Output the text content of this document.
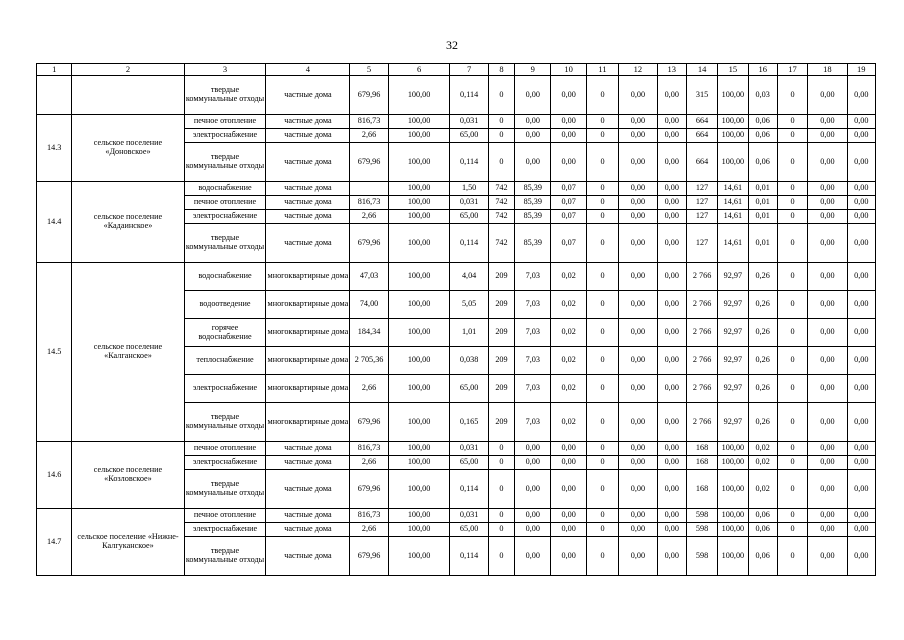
32
1	2	3	4	5	6	7	8	9	10	11	12	13	14	15	16	17	18	19
		твердые коммунальные отходы	частные дома	679,96	100,00	0,114	0	0,00	0,00	0	0,00	0,00	315	100,00	0,03	0	0,00	0,00
14.3	сельское поселение «Доновское»	печное отопление	частные дома	816,73	100,00	0,031	0	0,00	0,00	0	0,00	0,00	664	100,00	0,06	0	0,00	0,00
		электроснабжение	частные дома	2,66	100,00	65,00	0	0,00	0,00	0	0,00	0,00	664	100,00	0,06	0	0,00	0,00
		твердые коммунальные отходы	частные дома	679,96	100,00	0,114	0	0,00	0,00	0	0,00	0,00	664	100,00	0,06	0	0,00	0,00
14.4	сельское поселение «Кадаинское»	водоснабжение	частные дома		100,00	1,50	742	85,39	0,07	0	0,00	0,00	127	14,61	0,01	0	0,00	0,00
		печное отопление	частные дома	816,73	100,00	0,031	742	85,39	0,07	0	0,00	0,00	127	14,61	0,01	0	0,00	0,00
		электроснабжение	частные дома	2,66	100,00	65,00	742	85,39	0,07	0	0,00	0,00	127	14,61	0,01	0	0,00	0,00
		твердые коммунальные отходы	частные дома	679,96	100,00	0,114	742	85,39	0,07	0	0,00	0,00	127	14,61	0,01	0	0,00	0,00
14.5	сельское поселение «Калганское»	водоснабжение	многоквартирные дома	47,03	100,00	4,04	209	7,03	0,02	0	0,00	0,00	2 766	92,97	0,26	0	0,00	0,00
		водоотведение	многоквартирные дома	74,00	100,00	5,05	209	7,03	0,02	0	0,00	0,00	2 766	92,97	0,26	0	0,00	0,00
		горячее водоснабжение	многоквартирные дома	184,34	100,00	1,01	209	7,03	0,02	0	0,00	0,00	2 766	92,97	0,26	0	0,00	0,00
		теплоснабжение	многоквартирные дома	2 705,36	100,00	0,038	209	7,03	0,02	0	0,00	0,00	2 766	92,97	0,26	0	0,00	0,00
		электроснабжение	многоквартирные дома	2,66	100,00	65,00	209	7,03	0,02	0	0,00	0,00	2 766	92,97	0,26	0	0,00	0,00
		твердые коммунальные отходы	многоквартирные дома	679,96	100,00	0,165	209	7,03	0,02	0	0,00	0,00	2 766	92,97	0,26	0	0,00	0,00
14.6	сельское поселение «Козловское»	печное отопление	частные дома	816,73	100,00	0,031	0	0,00	0,00	0	0,00	0,00	168	100,00	0,02	0	0,00	0,00
		электроснабжение	частные дома	2,66	100,00	65,00	0	0,00	0,00	0	0,00	0,00	168	100,00	0,02	0	0,00	0,00
		твердые коммунальные отходы	частные дома	679,96	100,00	0,114	0	0,00	0,00	0	0,00	0,00	168	100,00	0,02	0	0,00	0,00
14.7	сельское поселение «Нижне-Калгуканское»	печное отопление	частные дома	816,73	100,00	0,031	0	0,00	0,00	0	0,00	0,00	598	100,00	0,06	0	0,00	0,00
		электроснабжение	частные дома	2,66	100,00	65,00	0	0,00	0,00	0	0,00	0,00	598	100,00	0,06	0	0,00	0,00
		твердые коммунальные отходы	частные дома	679,96	100,00	0,114	0	0,00	0,00	0	0,00	0,00	598	100,00	0,06	0	0,00	0,00
